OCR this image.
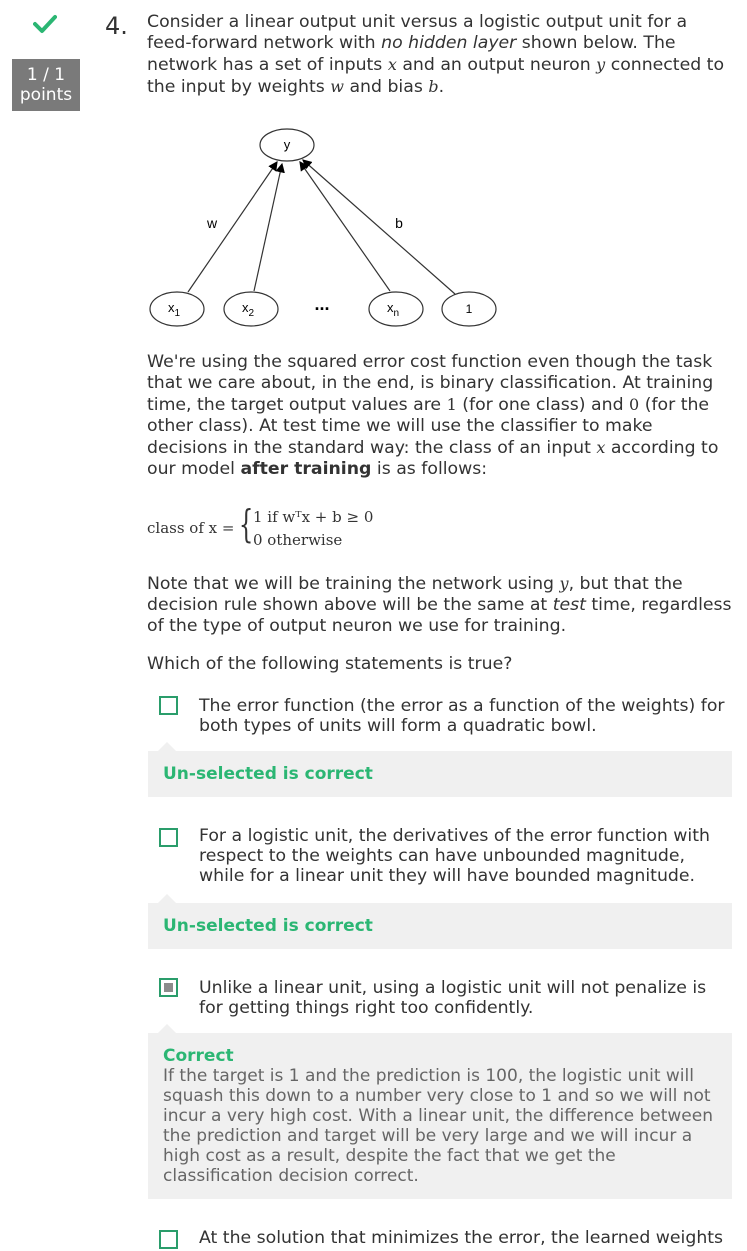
1 / 1
points
4. Consider a linear output unit versus a logistic output unit for a feed-forward network with no hidden layer shown below. The network has a set of inputs x and an output neuron y connected to the input by weights w and bias b.
y
$x_1$	$x_2$	$x_n$	1
...
w	b
We're using the squared error cost function even though the task that we care about, in the end, is binary classification. At training time, the target output values are 1 (for one class) and 0 (for the other class). At test time we will use the classifier to make decisions in the standard way: the class of an input x according to our model after training is as follows:
class of x = { 1 if wᵀx + b ≥ 0
0 otherwise
Note that we will be training the network using y, but that the decision rule shown above will be the same at test time, regardless of the type of output neuron we use for training.
Which of the following statements is true?
The error function (the error as a function of the weights) for both types of units will form a quadratic bowl.
Un-selected is correct
For a logistic unit, the derivatives of the error function with respect to the weights can have unbounded magnitude, while for a linear unit they will have bounded magnitude.
Un-selected is correct
Unlike a linear unit, using a logistic unit will not penalize is for getting things right too confidently.
Correct
If the target is 1 and the prediction is 100, the logistic unit will squash this down to a number very close to 1 and so we will not incur a very high cost. With a linear unit, the difference between the prediction and target will be very large and we will incur a high cost as a result, despite the fact that we get the classification decision correct.
At the solution that minimizes the error, the learned weights
